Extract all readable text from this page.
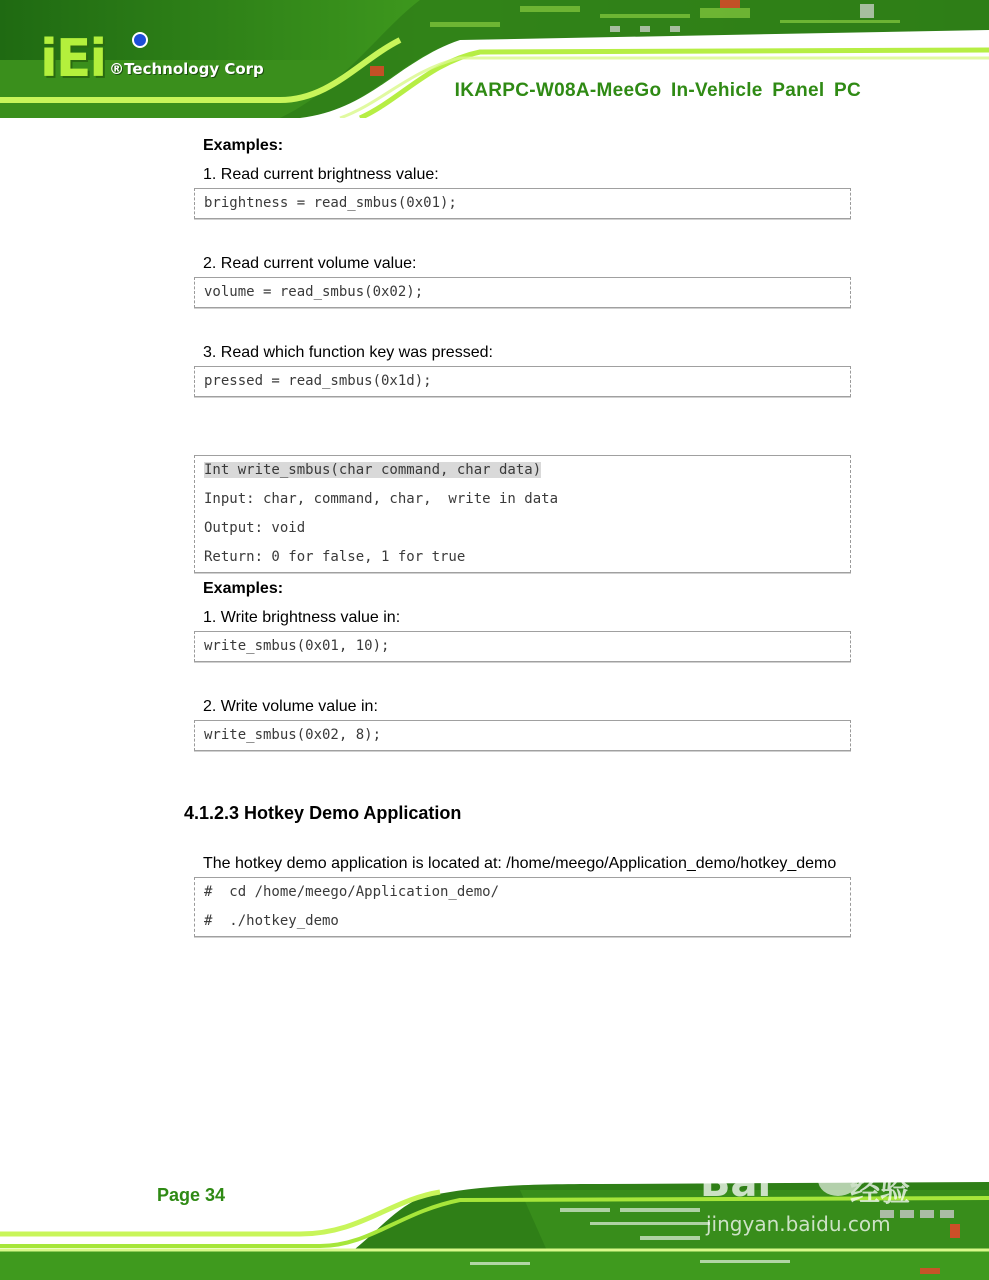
iEi ®Technology Corp
IKARPC-W08A-MeeGo In-Vehicle Panel PC
Examples:
1. Read current brightness value:
brightness = read_smbus(0x01);
2. Read current volume value:
volume = read_smbus(0x02);
3. Read which function key was pressed:
pressed = read_smbus(0x1d);
Int write_smbus(char command, char data)
Input: char, command, char,  write in data
Output: void
Return: 0 for false, 1 for true
Examples:
1. Write brightness value in:
write_smbus(0x01, 10);
2. Write volume value in:
write_smbus(0x02, 8);
4.1.2.3 Hotkey Demo Application
The hotkey demo application is located at: /home/meego/Application_demo/hotkey_demo
#  cd /home/meego/Application_demo/
#  ./hotkey_demo
Page 34	Bai	经验
jingyan.baidu.com
